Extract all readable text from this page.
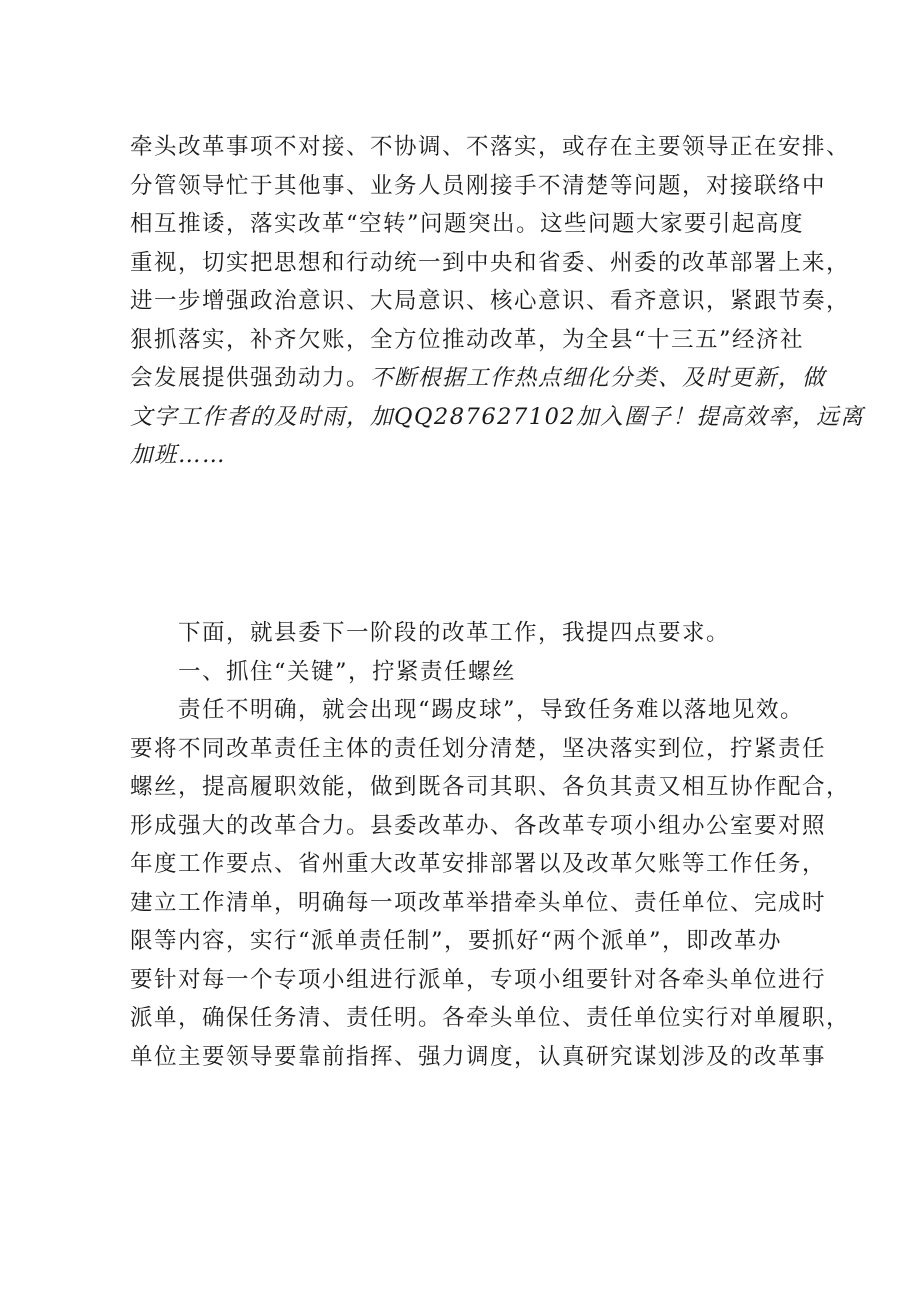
牵头改革事项不对接、不协调、不落实，或存在主要领导正在安排、
分管领导忙于其他事、业务人员刚接手不清楚等问题，对接联络中
相互推诿，落实改革“空转”问题突出。这些问题大家要引起高度
重视，切实把思想和行动统一到中央和省委、州委的改革部署上来，
进一步增强政治意识、大局意识、核心意识、看齐意识，紧跟节奏，
狠抓落实，补齐欠账，全方位推动改革，为全县“十三五”经济社
会发展提供强劲动力。不断根据工作热点细化分类、及时更新，做
文字工作者的及时雨，加QQ287627102加入圈子！提高效率，远离
加班……
下面，就县委下一阶段的改革工作，我提四点要求。
一、抓住“关键”，拧紧责任螺丝
责任不明确，就会出现“踢皮球”，导致任务难以落地见效。
要将不同改革责任主体的责任划分清楚，坚决落实到位，拧紧责任
螺丝，提高履职效能，做到既各司其职、各负其责又相互协作配合，
形成强大的改革合力。县委改革办、各改革专项小组办公室要对照
年度工作要点、省州重大改革安排部署以及改革欠账等工作任务，
建立工作清单，明确每一项改革举措牵头单位、责任单位、完成时
限等内容，实行“派单责任制”，要抓好“两个派单”，即改革办
要针对每一个专项小组进行派单，专项小组要针对各牵头单位进行
派单，确保任务清、责任明。各牵头单位、责任单位实行对单履职，
单位主要领导要靠前指挥、强力调度，认真研究谋划涉及的改革事
